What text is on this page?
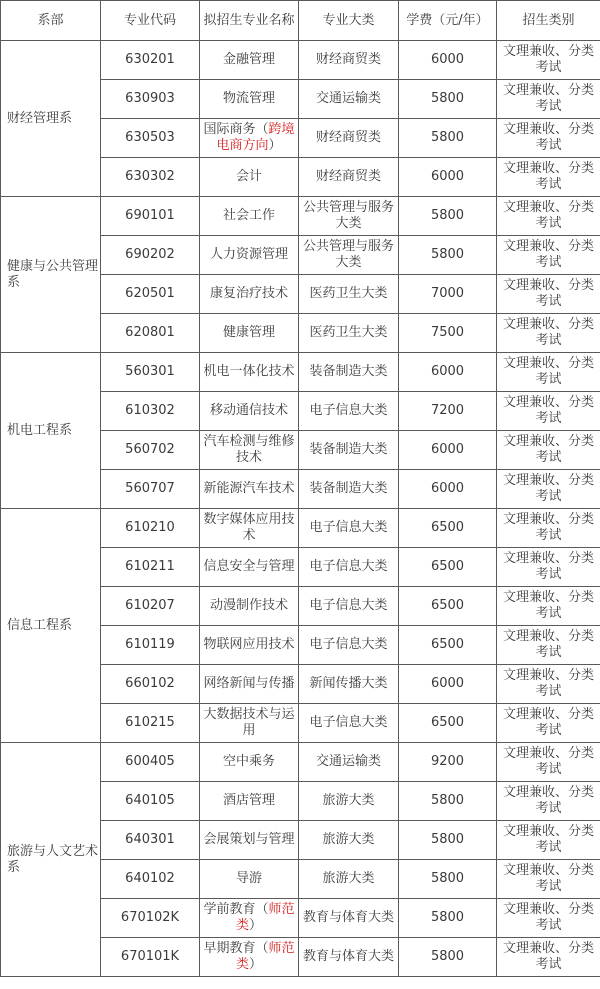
系部	专业代码	拟招生专业名称	专业大类	学费（元/年）	招生类别
财经管理系	630201	金融管理	财经商贸类	6000	文理兼收、分类考试
	630903	物流管理	交通运输类	5800	文理兼收、分类考试
	630503	国际商务（跨境电商方向）	财经商贸类	5800	文理兼收、分类考试
	630302	会计	财经商贸类	6000	文理兼收、分类考试
健康与公共管理系	690101	社会工作	公共管理与服务大类	5800	文理兼收、分类考试
	690202	人力资源管理	公共管理与服务大类	5800	文理兼收、分类考试
	620501	康复治疗技术	医药卫生大类	7000	文理兼收、分类考试
	620801	健康管理	医药卫生大类	7500	文理兼收、分类考试
机电工程系	560301	机电一体化技术	装备制造大类	6000	文理兼收、分类考试
	610302	移动通信技术	电子信息大类	7200	文理兼收、分类考试
	560702	汽车检测与维修技术	装备制造大类	6000	文理兼收、分类考试
	560707	新能源汽车技术	装备制造大类	6000	文理兼收、分类考试
信息工程系	610210	数字媒体应用技术	电子信息大类	6500	文理兼收、分类考试
	610211	信息安全与管理	电子信息大类	6500	文理兼收、分类考试
	610207	动漫制作技术	电子信息大类	6500	文理兼收、分类考试
	610119	物联网应用技术	电子信息大类	6500	文理兼收、分类考试
	660102	网络新闻与传播	新闻传播大类	6000	文理兼收、分类考试
	610215	大数据技术与运用	电子信息大类	6500	文理兼收、分类考试
旅游与人文艺术系	600405	空中乘务	交通运输类	9200	文理兼收、分类考试
	640105	酒店管理	旅游大类	5800	文理兼收、分类考试
	640301	会展策划与管理	旅游大类	5800	文理兼收、分类考试
	640102	导游	旅游大类	5800	文理兼收、分类考试
	670102K	学前教育（师范类）	教育与体育大类	5800	文理兼收、分类考试
	670101K	早期教育（师范类）	教育与体育大类	5800	文理兼收、分类考试
